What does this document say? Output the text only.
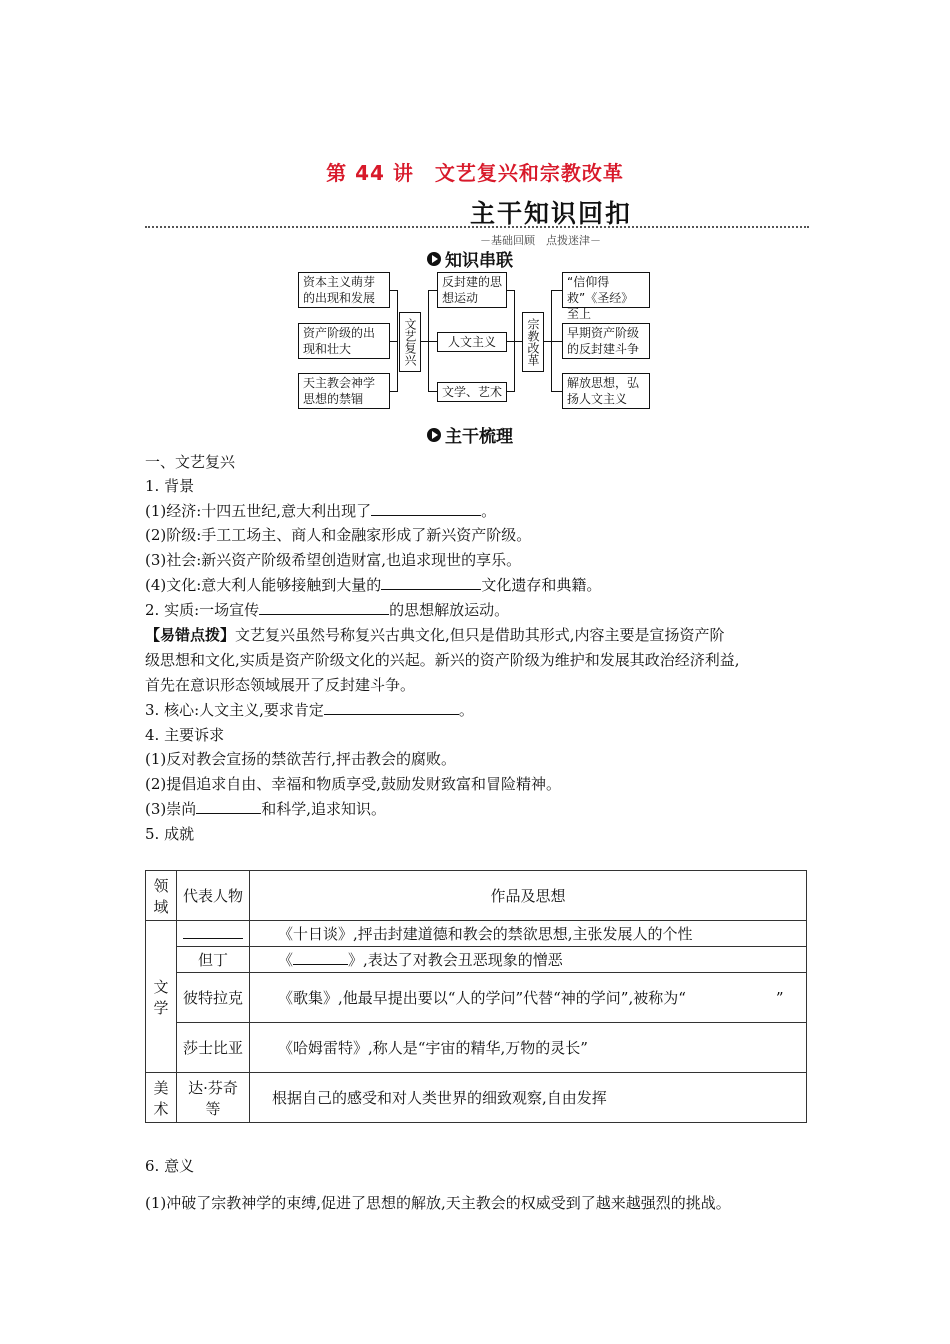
第 44 讲　文艺复兴和宗教改革
主干知识回扣
－基础回顾　点拨迷津－
知识串联
资本主义萌芽的出现和发展
资产阶级的出现和壮大
天主教会神学思想的禁锢
文艺复兴
反封建的思想运动
人文主义
文学、艺术
宗教改革
“信仰得救”《圣经》至上
早期资产阶级的反封建斗争
解放思想，弘扬人文主义
主干梳理
一、文艺复兴
1. 背景
(1)经济:十四五世纪,意大利出现了	。
(2)阶级:手工工场主、商人和金融家形成了新兴资产阶级。
(3)社会:新兴资产阶级希望创造财富,也追求现世的享乐。
(4)文化:意大利人能够接触到大量的	文化遗存和典籍。
2. 实质:一场宣传	的思想解放运动。
【易错点拨】文艺复兴虽然号称复兴古典文化,但只是借助其形式,内容主要是宣扬资产阶
级思想和文化,实质是资产阶级文化的兴起。新兴的资产阶级为维护和发展其政治经济利益,
首先在意识形态领域展开了反封建斗争。
3. 核心:人文主义,要求肯定	。
4. 主要诉求
(1)反对教会宣扬的禁欲苦行,抨击教会的腐败。
(2)提倡追求自由、幸福和物质享受,鼓励发财致富和冒险精神。
(3)崇尚	和科学,追求知识。
5. 成就
领域	代表人物	作品及思想
文学		《十日谈》,抨击封建道德和教会的禁欲思想,主张发展人的个性
	但丁	《 》,表达了对教会丑恶现象的憎恶
	彼特拉克	《歌集》,他最早提出要以“人的学问”代替“神的学问”,被称为“　　　　　　”
	莎士比亚	《哈姆雷特》,称人是“宇宙的精华,万物的灵长”
美术	达·芬奇等	根据自己的感受和对人类世界的细致观察,自由发挥
6. 意义
(1)冲破了宗教神学的束缚,促进了思想的解放,天主教会的权威受到了越来越强烈的挑战。
